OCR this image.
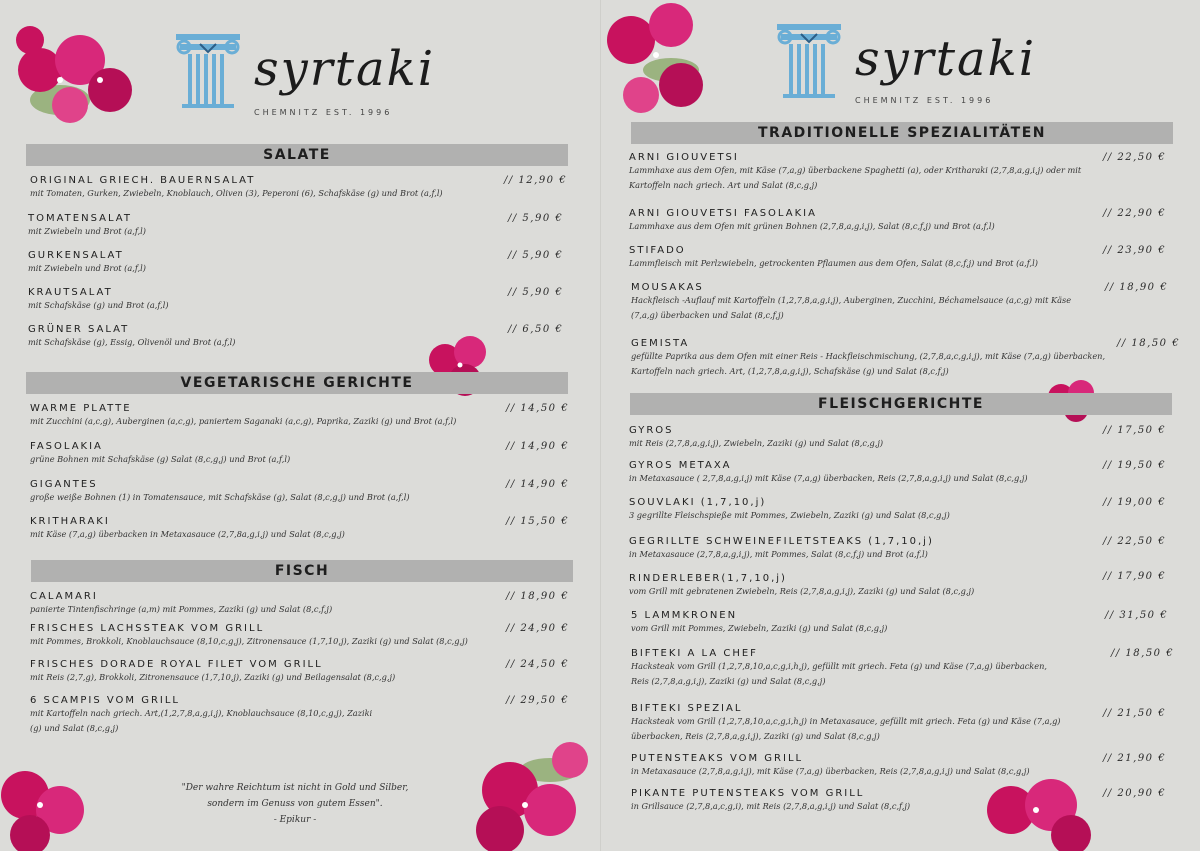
syrtaki
CHEMNITZ EST. 1996
SALATE
VEGETARISCHE GERICHTE
FISCH
ORIGINAL GRIECH. BAUERNSALAT
mit Tomaten, Gurken, Zwiebeln, Knoblauch, Oliven (3), Peperoni (6), Schafskäse (g) und Brot (a,f,l)
// 12,90 €
TOMATENSALAT
mit Zwiebeln und Brot (a,f,l)
// 5,90 €
GURKENSALAT
mit Zwiebeln und Brot (a,f,l)
// 5,90 €
KRAUTSALAT
mit Schafskäse (g) und Brot (a,f,l)
// 5,90 €
GRÜNER SALAT
mit Schafskäse (g), Essig, Olivenöl und Brot (a,f,l)
// 6,50 €
WARME PLATTE
mit Zucchini (a,c,g), Auberginen (a,c,g), paniertem Saganaki (a,c,g), Paprika, Zaziki (g) und Brot (a,f,l)
// 14,50 €
FASOLAKIA
grüne Bohnen mit Schafskäse (g) Salat (8,c,g,j) und Brot (a,f,l)
// 14,90 €
GIGANTES
große weiße Bohnen (1) in Tomatensauce, mit Schafskäse (g), Salat (8,c,g,j) und Brot (a,f,l)
// 14,90 €
KRITHARAKI
mit Käse (7,a,g) überbacken in Metaxasauce (2,7,8a,g,i,j) und Salat (8,c,g,j)
// 15,50 €
CALAMARI
panierte Tintenfischringe (a,m) mit Pommes, Zaziki (g) und Salat (8,c,f,j)
// 18,90 €
FRISCHES LACHSSTEAK VOM GRILL
mit Pommes, Brokkoli, Knoblauchsauce (8,10,c,g,j), Zitronensauce (1,7,10,j), Zaziki (g) und Salat (8,c,g,j)
// 24,90 €
FRISCHES DORADE ROYAL FILET VOM GRILL
mit Reis (2,7,g), Brokkoli, Zitronensauce (1,7,10,j), Zaziki (g) und Beilagensalat (8,c,g,j)
// 24,50 €
6 SCAMPIS VOM GRILL
mit Kartoffeln nach griech. Art,(1,2,7,8,a,g,i,j), Knoblauchsauce (8,10,c,g,j), Zaziki (g) und Salat (8,c,g,j)
// 29,50 €
"Der wahre Reichtum ist nicht in Gold und Silber,
sondern im Genuss von gutem Essen".
- Epikur -
syrtaki
CHEMNITZ EST. 1996
TRADITIONELLE SPEZIALITÄTEN
FLEISCHGERICHTE
ARNI GIOUVETSI
Lammhaxe aus dem Ofen, mit Käse (7,a,g) überbackene Spaghetti (a), oder Kritharaki (2,7,8,a,g,i,j) oder mit Kartoffeln nach griech. Art und Salat (8,c,g,j)
// 22,50 €
ARNI GIOUVETSI FASOLAKIA
Lammhaxe aus dem Ofen mit grünen Bohnen (2,7,8,a,g,i,j), Salat (8,c,f,j) und Brot (a,f,l)
// 22,90 €
STIFADO
Lammfleisch mit Perlzwiebeln, getrockenten Pflaumen aus dem Ofen, Salat (8,c,f,j) und Brot (a,f,l)
// 23,90 €
MOUSAKAS
Hackfleisch -Auflauf mit Kartoffeln (1,2,7,8,a,g,i,j), Auberginen, Zucchini, Béchamelsauce (a,c,g) mit Käse (7,a,g) überbacken und Salat (8,c,f,j)
// 18,90 €
GEMISTA
gefüllte Paprika aus dem Ofen mit einer Reis - Hackfleischmischung, (2,7,8,a,c,g,i,j), mit Käse (7,a,g) überbacken, Kartoffeln nach griech. Art, (1,2,7,8,a,g,i,j), Schafskäse (g) und Salat (8,c,f,j)
// 18,50 €
GYROS
mit Reis (2,7,8,a,g,i,j), Zwiebeln, Zaziki (g) und Salat (8,c,g,j)
// 17,50 €
GYROS METAXA
in Metaxasauce ( 2,7,8,a,g,i,j) mit Käse (7,a,g) überbacken, Reis (2,7,8,a,g,i,j) und Salat (8,c,g,j)
// 19,50 €
SOUVLAKI (1,7,10,j)
3 gegrillte Fleischspieße mit Pommes, Zwiebeln, Zaziki (g) und Salat (8,c,g,j)
// 19,00 €
GEGRILLTE SCHWEINEFILETSTEAKS (1,7,10,j)
in Metaxasauce (2,7,8,a,g,i,j), mit Pommes, Salat (8,c,f,j) und Brot (a,f,l)
// 22,50 €
RINDERLEBER(1,7,10,j)
vom Grill mit gebratenen Zwiebeln, Reis (2,7,8,a,g,i,j), Zaziki (g) und Salat (8,c,g,j)
// 17,90 €
5 LAMMKRONEN
vom Grill mit Pommes, Zwiebeln, Zaziki (g) und Salat (8,c,g,j)
// 31,50 €
BIFTEKI A LA CHEF
Hacksteak vom Grill (1,2,7,8,10,a,c,g,i,h,j), gefüllt mit griech. Feta (g) und Käse (7,a,g) überbacken, Reis (2,7,8,a,g,i,j), Zaziki (g) und Salat (8,c,g,j)
// 18,50 €
BIFTEKI SPEZIAL
Hacksteak vom Grill (1,2,7,8,10,a,c,g,i,h,j) in Metaxasauce, gefüllt mit griech. Feta (g) und Käse (7,a,g) überbacken, Reis (2,7,8,a,g,i,j), Zaziki (g) und Salat (8,c,g,j)
// 21,50 €
PUTENSTEAKS VOM GRILL
in Metaxasauce (2,7,8,a,g,i,j), mit Käse (7,a,g) überbacken, Reis (2,7,8,a,g,i,j) und Salat (8,c,g,j)
// 21,90 €
PIKANTE PUTENSTEAKS VOM GRILL
in Grillsauce (2,7,8,a,c,g,i), mit Reis (2,7,8,a,g,i,j) und Salat (8,c,f,j)
// 20,90 €
